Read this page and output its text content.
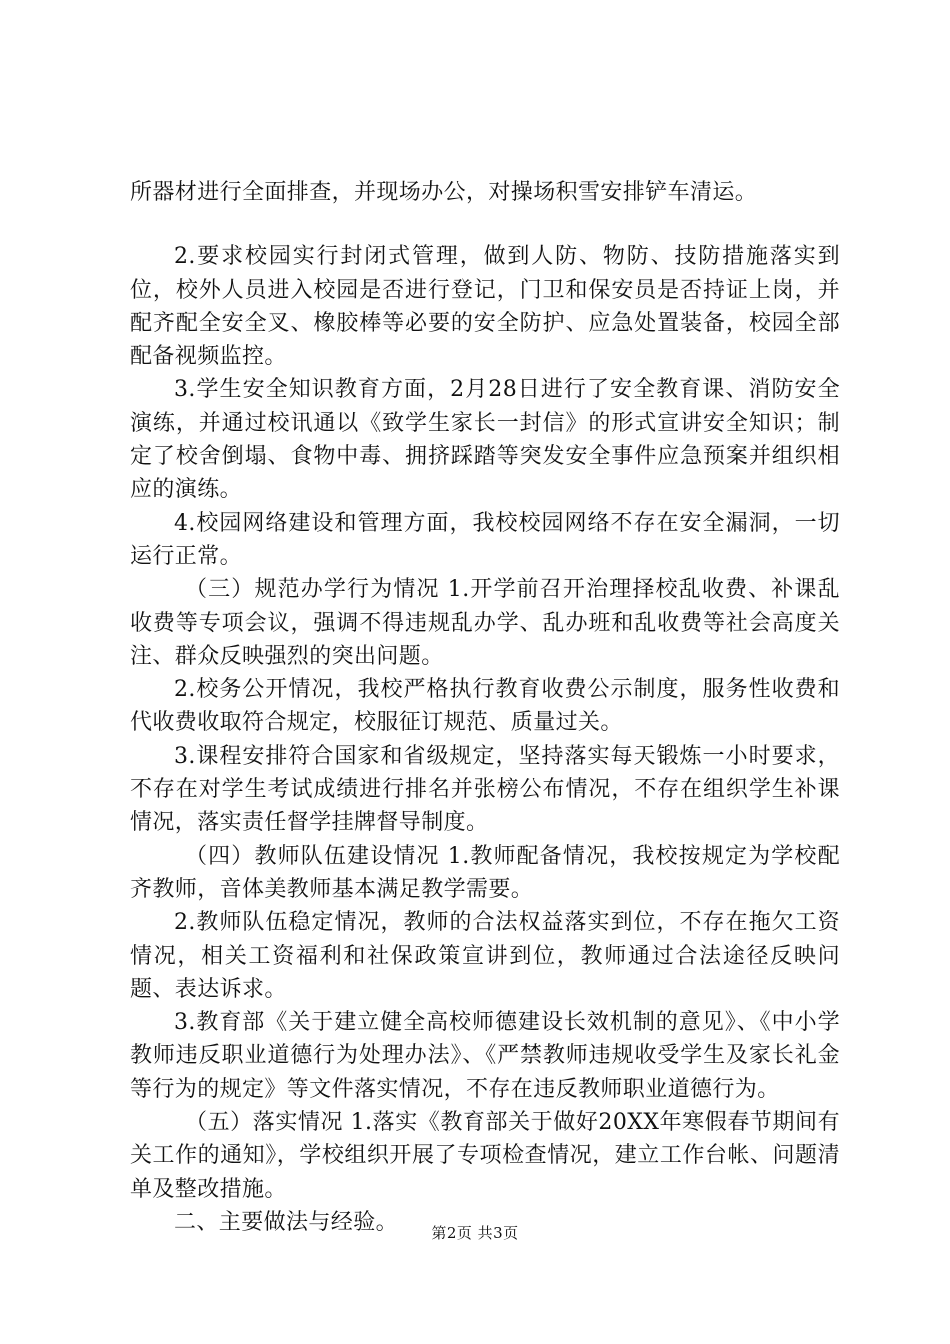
所器材进行全面排查，并现场办公，对操场积雪安排铲车清运。

2.要求校园实行封闭式管理，做到人防、物防、技防措施落实到位，校外人员进入校园是否进行登记，门卫和保安员是否持证上岗，并配齐配全安全叉、橡胶棒等必要的安全防护、应急处置装备，校园全部配备视频监控。

3.学生安全知识教育方面，2月28日进行了安全教育课、消防安全演练，并通过校讯通以《致学生家长一封信》的形式宣讲安全知识；制定了校舍倒塌、食物中毒、拥挤踩踏等突发安全事件应急预案并组织相应的演练。

4.校园网络建设和管理方面，我校校园网络不存在安全漏洞，一切运行正常。

（三）规范办学行为情况 1.开学前召开治理择校乱收费、补课乱收费等专项会议，强调不得违规乱办学、乱办班和乱收费等社会高度关注、群众反映强烈的突出问题。

2.校务公开情况，我校严格执行教育收费公示制度，服务性收费和代收费收取符合规定，校服征订规范、质量过关。

3.课程安排符合国家和省级规定，坚持落实每天锻炼一小时要求，不存在对学生考试成绩进行排名并张榜公布情况，不存在组织学生补课情况，落实责任督学挂牌督导制度。

（四）教师队伍建设情况 1.教师配备情况，我校按规定为学校配齐教师，音体美教师基本满足教学需要。

2.教师队伍稳定情况，教师的合法权益落实到位，不存在拖欠工资情况，相关工资福利和社保政策宣讲到位，教师通过合法途径反映问题、表达诉求。

3.教育部《关于建立健全高校师德建设长效机制的意见》、《中小学教师违反职业道德行为处理办法》、《严禁教师违规收受学生及家长礼金等行为的规定》等文件落实情况，不存在违反教师职业道德行为。

（五）落实情况 1.落实《教育部关于做好20XX年寒假春节期间有关工作的通知》，学校组织开展了专项检查情况，建立工作台帐、问题清单及整改措施。

二、主要做法与经验。	第2页 共3页
